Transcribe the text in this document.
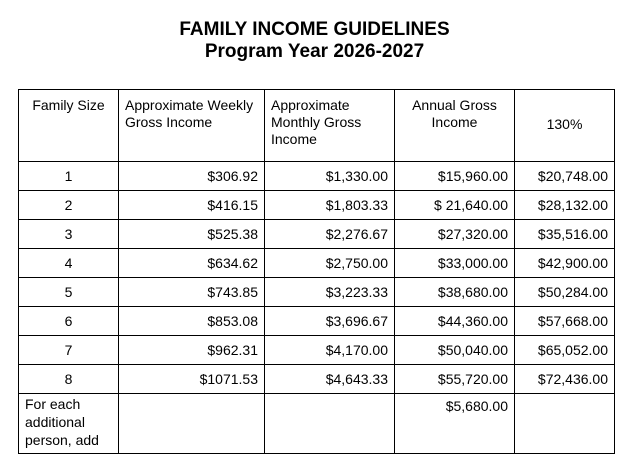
FAMILY INCOME GUIDELINES
Program Year 2026-2027
Family Size	Approximate Weekly Gross Income	Approximate Monthly Gross Income	Annual Gross Income	130%
1	$306.92	$1,330.00	$15,960.00	$20,748.00
2	$416.15	$1,803.33	$ 21,640.00	$28,132.00
3	$525.38	$2,276.67	$27,320.00	$35,516.00
4	$634.62	$2,750.00	$33,000.00	$42,900.00
5	$743.85	$3,223.33	$38,680.00	$50,284.00
6	$853.08	$3,696.67	$44,360.00	$57,668.00
7	$962.31	$4,170.00	$50,040.00	$65,052.00
8	$1071.53	$4,643.33	$55,720.00	$72,436.00
For each additional person, add			$5,680.00	
